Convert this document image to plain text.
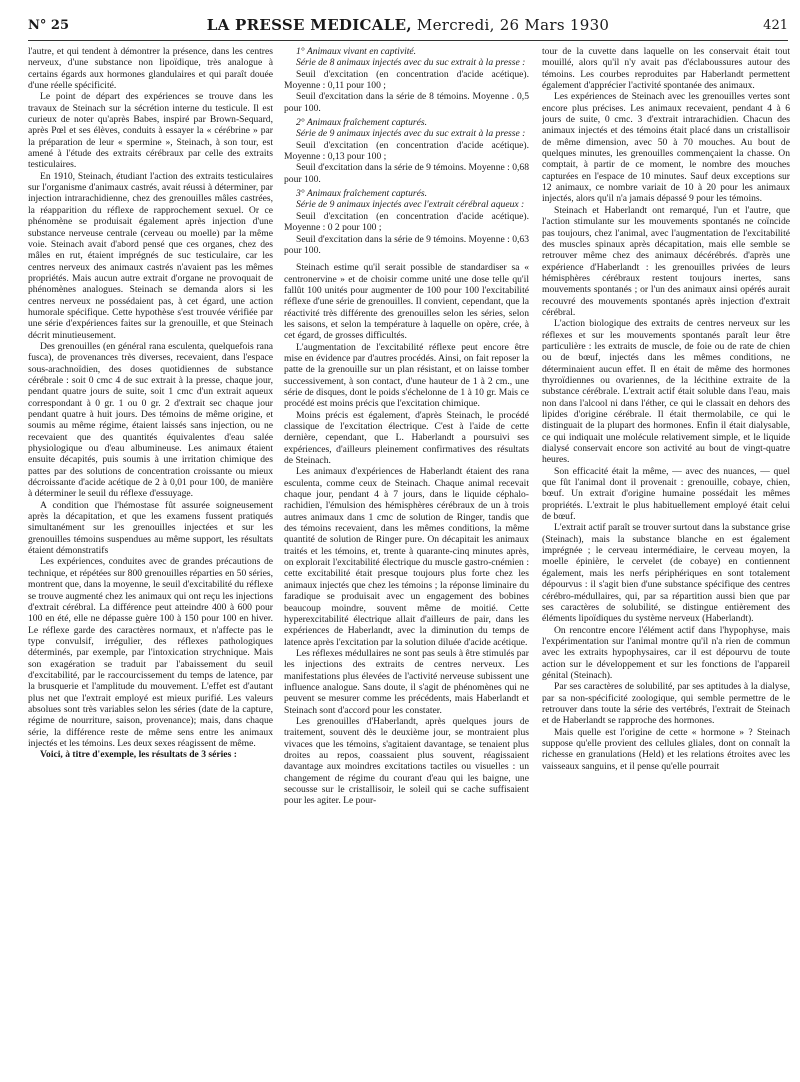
N° 25	LA PRESSE MEDICALE, Mercredi, 26 Mars 1930	421

l'autre, et qui tendent à démontrer la présence, dans les centres nerveux, d'une substance non lipoïdique, très analogue à certains égards aux hormones glandulaires et qui paraît douée d'une réelle spécificité.

Le point de départ des expériences se trouve dans les travaux de Steinach sur la sécrétion interne du testicule. Il est curieux de noter qu'après Babes, inspiré par Brown-Sequard, après Pœl et ses élèves, conduits à essayer la « cérébrine » par la préparation de leur « spermine », Steinach, à son tour, est amené à l'étude des extraits cérébraux par celle des extraits testiculaires.

En 1910, Steinach, étudiant l'action des extraits testiculaires sur l'organisme d'animaux castrés, avait réussi à déterminer, par injection intrarachidienne, chez des grenouilles mâles castrées, la réapparition du réflexe de rapprochement sexuel. Or ce phénomène se produisait également après injection d'une substance nerveuse centrale (cerveau ou moelle) par la même voie. Steinach avait d'abord pensé que ces organes, chez des mâles en rut, étaient imprégnés de suc testiculaire, car les centres nerveux des animaux castrés n'avaient pas les mêmes propriétés. Mais aucun autre extrait d'organe ne provoquait de phénomènes analogues. Steinach se demanda alors si les centres nerveux ne possédaient pas, à cet égard, une action humorale spécifique. Cette hypothèse s'est trouvée vérifiée par une série d'expériences faites sur la grenouille, et que Steinach décrit minutieusement.

Des grenouilles (en général rana esculenta, quelquefois rana fusca), de provenances très diverses, recevaient, dans l'espace sous-arachnoïdien, des doses quotidiennes de substance cérébrale : soit 0 cmc 4 de suc extrait à la presse, chaque jour, pendant quatre jours de suite, soit 1 cmc d'un extrait aqueux correspondant à 0 gr. 1 ou 0 gr. 2 d'extrait sec chaque jour pendant quatre à huit jours. Des témoins de même origine, et soumis au même régime, étaient laissés sans injection, ou ne recevaient que des quantités équivalentes d'eau salée physiologique ou d'eau albumineuse. Les animaux étaient ensuite décapités, puis soumis à une irritation chimique des pattes par des solutions de concentration croissante ou mieux décroissante d'acide acétique de 2 à 0,01 pour 100, de manière à déterminer le seuil du réflexe d'essuyage.

A condition que l'hémostase fût assurée soigneusement après la décapitation, et que les examens fussent pratiqués simultanément sur les grenouilles injectées et sur les grenouilles témoins suspendues au même support, les résultats étaient démonstratifs

Les expériences, conduites avec de grandes précautions de technique, et répétées sur 800 grenouilles réparties en 50 séries, montrent que, dans la moyenne, le seuil d'excitabilité du réflexe se trouve augmenté chez les animaux qui ont reçu les injections d'extrait cérébral. La différence peut atteindre 400 à 600 pour 100 en été, elle ne dépasse guère 100 à 150 pour 100 en hiver. Le réflexe garde des caractères normaux, et n'affecte pas le type convulsif, irrégulier, des réflexes pathologiques déterminés, par exemple, par l'intoxication strychnique. Mais son exagération se traduit par l'abaissement du seuil d'excitabilité, par le raccourcissement du temps de latence, par la brusquerie et l'amplitude du mouvement. L'effet est d'autant plus net que l'extrait employé est mieux purifié. Les valeurs absolues sont très variables selon les séries (date de la capture, régime de nourriture, saison, provenance); mais, dans chaque série, la différence reste de même sens entre les animaux injectés et les témoins. Les deux sexes réagissent de même.

Voici, à titre d'exemple, les résultats de 3 séries :

1° Animaux vivant en captivité.

Série de 8 animaux injectés avec du suc extrait à la presse :

Seuil d'excitation (en concentration d'acide acétique). Moyenne : 0,11 pour 100 ;

Seuil d'excitation dans la série de 8 témoins. Moyenne . 0,5 pour 100.

2° Animaux fraîchement capturés.

Série de 9 animaux injectés avec du suc extrait à la presse :

Seuil d'excitation (en concentration d'acide acétique). Moyenne : 0,13 pour 100 ;

Seuil d'excitation dans la série de 9 témoins. Moyenne : 0,68 pour 100.

3° Animaux fraîchement capturés.

Série de 9 animaux injectés avec l'extrait cérébral aqueux :

Seuil d'excitation (en concentration d'acide acétique). Moyenne : 0 2 pour 100 ;

Seuil d'excitation dans la série de 9 témoins. Moyenne : 0,63 pour 100.

Steinach estime qu'il serait possible de standardiser sa « centronervine » et de choisir comme unité une dose telle qu'il fallût 100 unités pour augmenter de 100 pour 100 l'excitabilité réflexe d'une série de grenouilles. Il convient, cependant, que la réactivité très différente des grenouilles selon les séries, selon les saisons, et selon la température à laquelle on opère, crée, à cet égard, de grosses difficultés.

L'augmentation de l'excitabilité réflexe peut encore être mise en évidence par d'autres procédés. Ainsi, on fait reposer la patte de la grenouille sur un plan résistant, et on laisse tomber successivement, à son contact, d'une hauteur de 1 à 2 cm., une série de disques, dont le poids s'échelonne de 1 à 10 gr. Mais ce procédé est moins précis que l'excitation chimique.

Moins précis est également, d'après Steinach, le procédé classique de l'excitation électrique. C'est à l'aide de cette dernière, cependant, que L. Haberlandt a poursuivi ses expériences, d'ailleurs pleinement confirmatives des résultats de Steinach.

Les animaux d'expériences de Haberlandt étaient des rana esculenta, comme ceux de Steinach. Chaque animal recevait chaque jour, pendant 4 à 7 jours, dans le liquide céphalo-rachidien, l'émulsion des hémisphères cérébraux de un à trois autres animaux dans 1 cmc de solution de Ringer, tandis que des témoins recevaient, dans les mêmes conditions, la même quantité de solution de Ringer pure. On décapitait les animaux traités et les témoins, et, trente à quarante-cinq minutes après, on explorait l'excitabilité électrique du muscle gastro-cnémien : cette excitabilité était presque toujours plus forte chez les animaux injectés que chez les témoins ; la réponse liminaire du faradique se produisait avec un engagement des bobines beaucoup moindre, souvent même de moitié. Cette hyperexcitabilité électrique allait d'ailleurs de pair, dans les expériences de Haberlandt, avec la diminution du temps de latence après l'excitation par la solution diluée d'acide acétique.

Les réflexes médullaires ne sont pas seuls à être stimulés par les injections des extraits de centres nerveux. Les manifestations plus élevées de l'activité nerveuse subissent une influence analogue. Sans doute, il s'agit de phénomènes qui ne peuvent se mesurer comme les précédents, mais Haberlandt et Steinach sont d'accord pour les constater.

Les grenouilles d'Haberlandt, après quelques jours de traitement, souvent dès le deuxième jour, se montraient plus vivaces que les témoins, s'agitaient davantage, se tenaient plus droites au repos, coassaient plus souvent, réagissaient davantage aux moindres excitations tactiles ou visuelles : un changement de régime du courant d'eau qui les baigne, une secousse sur le cristallisoir, le soleil qui se cache suffisaient pour les agiter. Le pour-

tour de la cuvette dans laquelle on les conservait était tout mouillé, alors qu'il n'y avait pas d'éclaboussures autour des témoins. Les courbes reproduites par Haberlandt permettent également d'apprécier l'activité spontanée des animaux.

Les expériences de Steinach avec les grenouilles vertes sont encore plus précises. Les animaux recevaient, pendant 4 à 6 jours de suite, 0 cmc. 3 d'extrait intrarachidien. Chacun des animaux injectés et des témoins était placé dans un cristallisoir de même dimension, avec 50 à 70 mouches. Au bout de quelques minutes, les grenouilles commençaient la chasse. On comptait, à partir de ce moment, le nombre des mouches capturées en l'espace de 10 minutes. Sauf deux exceptions sur 12 animaux, ce nombre variait de 10 à 20 pour les animaux injectés, alors qu'il n'a jamais dépassé 9 pour les témoins.

Steinach et Haberlandt ont remarqué, l'un et l'autre, que l'action stimulante sur les mouvements spontanés ne coïncide pas toujours, chez l'animal, avec l'augmentation de l'excitabilité des muscles spinaux après décapitation, mais elle semble se retrouver même chez des animaux décérébrés. d'après une expérience d'Haberlandt : les grenouilles privées de leurs hémisphères cérébraux restent toujours inertes, sans mouvements spontanés ; or l'un des animaux ainsi opérés aurait recouvré des mouvements spontanés après injection d'extrait cérébral.

L'action biologique des extraits de centres nerveux sur les réflexes et sur les mouvements spontanés paraît leur être particulière : les extraits de muscle, de foie ou de rate de chien ou de bœuf, injectés dans les mêmes conditions, ne déterminaient aucun effet. Il en était de même des hormones thyroïdiennes ou ovariennes, de la lécithine extraite de la substance cérébrale. L'extrait actif était soluble dans l'eau, mais non dans l'alcool ni dans l'éther, ce qui le classait en dehors des lipides d'origine cérébrale. Il était thermolabile, ce qui le distinguait de la plupart des hormones. Enfin il était dialysable, ce qui indiquait une molécule relativement simple, et le liquide dialysé conservait encore son activité au bout de vingt-quatre heures.

Son efficacité était la même, — avec des nuances, — quel que fût l'animal dont il provenait : grenouille, cobaye, chien, bœuf. Un extrait d'origine humaine possédait les mêmes propriétés. L'extrait le plus habituellement employé était celui de bœuf.

L'extrait actif paraît se trouver surtout dans la substance grise (Steinach), mais la substance blanche en est également imprégnée ; le cerveau intermédiaire, le cerveau moyen, la moelle épinière, le cervelet (de cobaye) en contiennent également, mais les nerfs périphériques en sont totalement dépourvus : il s'agit bien d'une substance spécifique des centres cérébro-médullaires, qui, par sa répartition aussi bien que par ses caractères de solubilité, se distingue entièrement des éléments lipoïdiques du système nerveux (Haberlandt).

On rencontre encore l'élément actif dans l'hypophyse, mais l'expérimentation sur l'animal montre qu'il n'a rien de commun avec les extraits hypophysaires, car il est dépourvu de toute action sur le développement et sur les fonctions de l'appareil génital (Steinach).

Par ses caractères de solubilité, par ses aptitudes à la dialyse, par sa non-spécificité zoologique, qui semble permettre de le retrouver dans toute la série des vertébrés, l'extrait de Steinach et de Haberlandt se rapproche des hormones.

Mais quelle est l'origine de cette « hormone » ? Steinach suppose qu'elle provient des cellules gliales, dont on connaît la richesse en granulations (Held) et les relations étroites avec les vaisseaux sanguins, et il pense qu'elle pourrait
